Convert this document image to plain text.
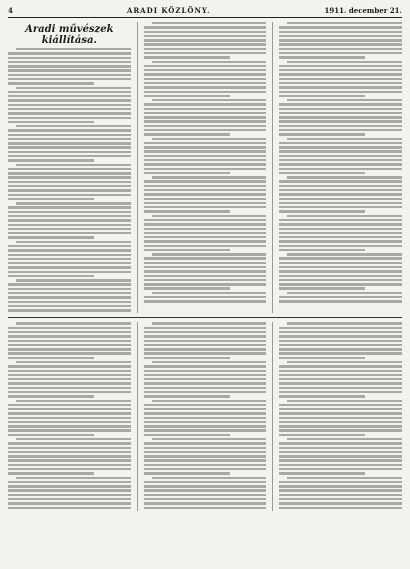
4	ARADI KÖZLÖNY.	1911. december 21.
Aradi művészek kiállítása.
